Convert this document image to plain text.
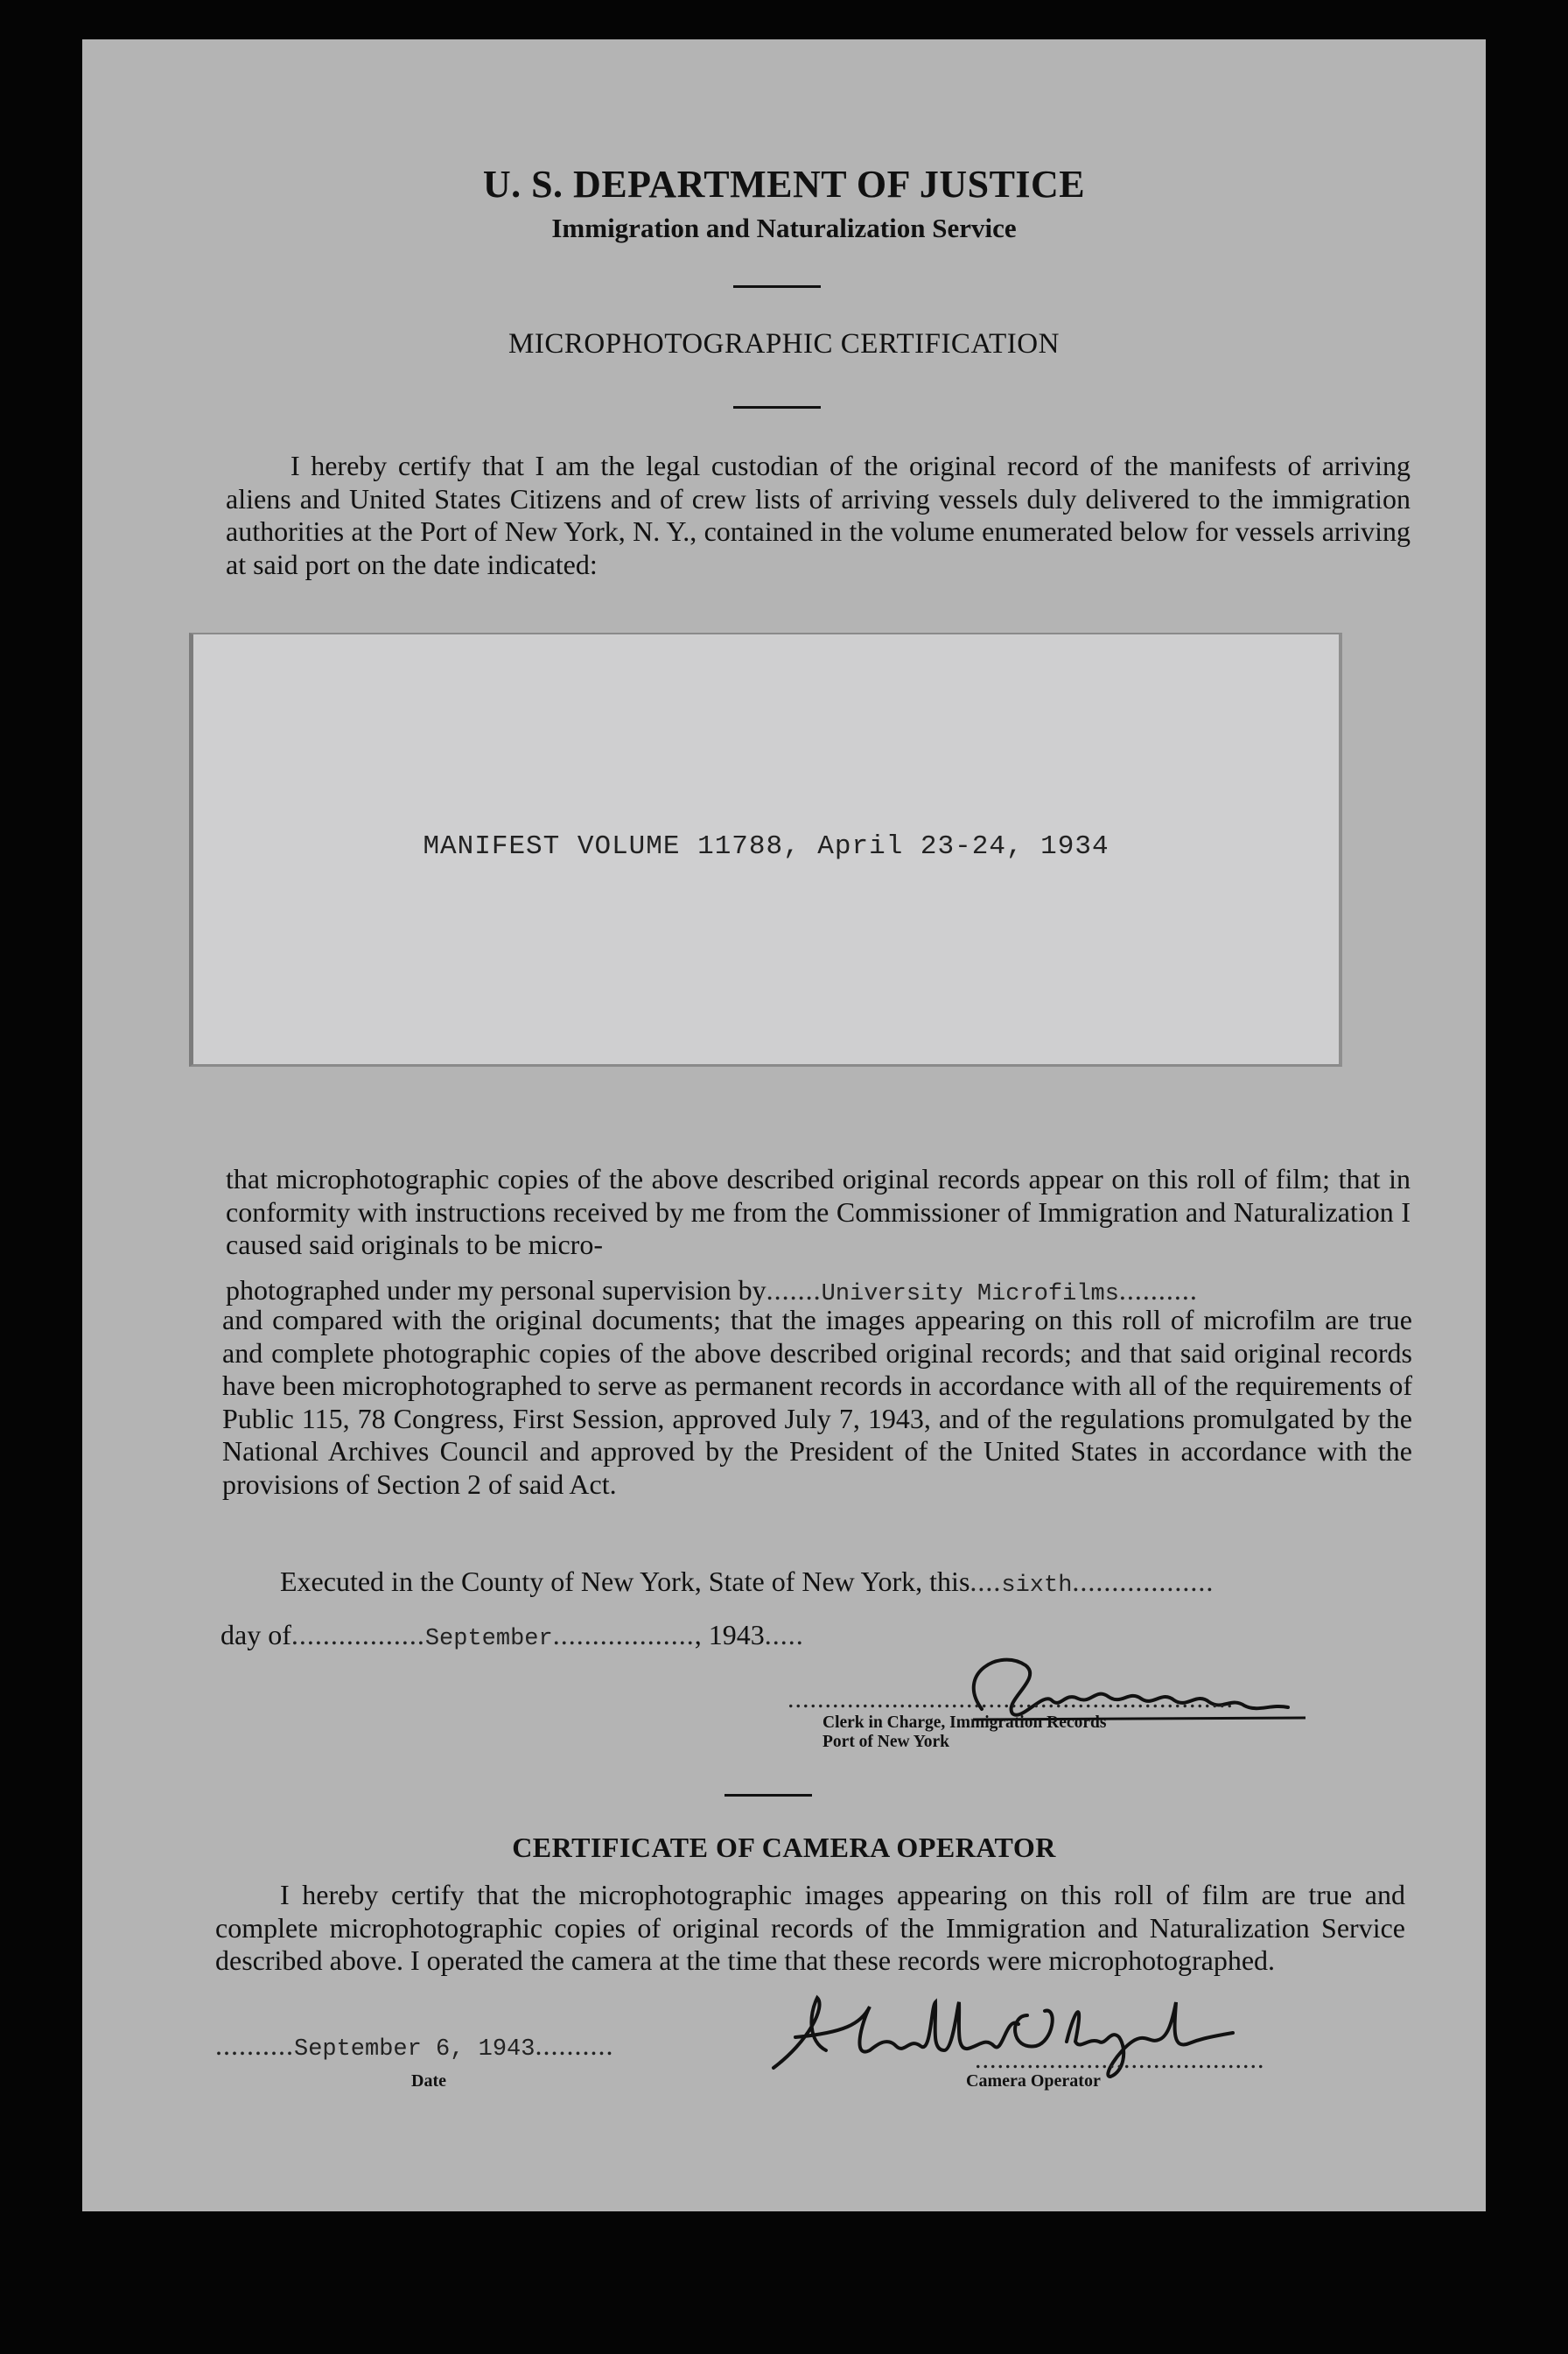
U. S. DEPARTMENT OF JUSTICE
Immigration and Naturalization Service
MICROPHOTOGRAPHIC CERTIFICATION
I hereby certify that I am the legal custodian of the original record of the manifests of arriving aliens and United States Citizens and of crew lists of arriving vessels duly delivered to the immigration authorities at the Port of New York, N. Y., contained in the volume enumerated below for vessels arriving at said port on the date indicated:
MANIFEST VOLUME 11788, April 23-24, 1934
that microphotographic copies of the above described original records appear on this roll of film; that in conformity with instructions received by me from the Commissioner of Immigration and Naturalization I caused said originals to be micro-
photographed under my personal supervision by.......University Microfilms..........
and compared with the original documents; that the images appearing on this roll of microfilm are true and complete photographic copies of the above described original records; and that said original records have been microphotographed to serve as permanent records in accordance with all of the requirements of Public 115, 78 Congress, First Session, approved July 7, 1943, and of the regulations promulgated by the National Archives Council and approved by the President of the United States in accordance with the provisions of Section 2 of said Act.
Executed in the County of New York, State of New York, this....sixth..................
day of.................September.................., 1943.....
............................................................
Clerk in Charge, Immigration Records
Port of New York
CERTIFICATE OF CAMERA OPERATOR
I hereby certify that the microphotographic images appearing on this roll of film are true and complete microphotographic copies of original records of the Immigration and Naturalization Service described above. I operated the camera at the time that these records were microphotographed.
..........September 6, 1943..........
Date
.......................................
Camera Operator
